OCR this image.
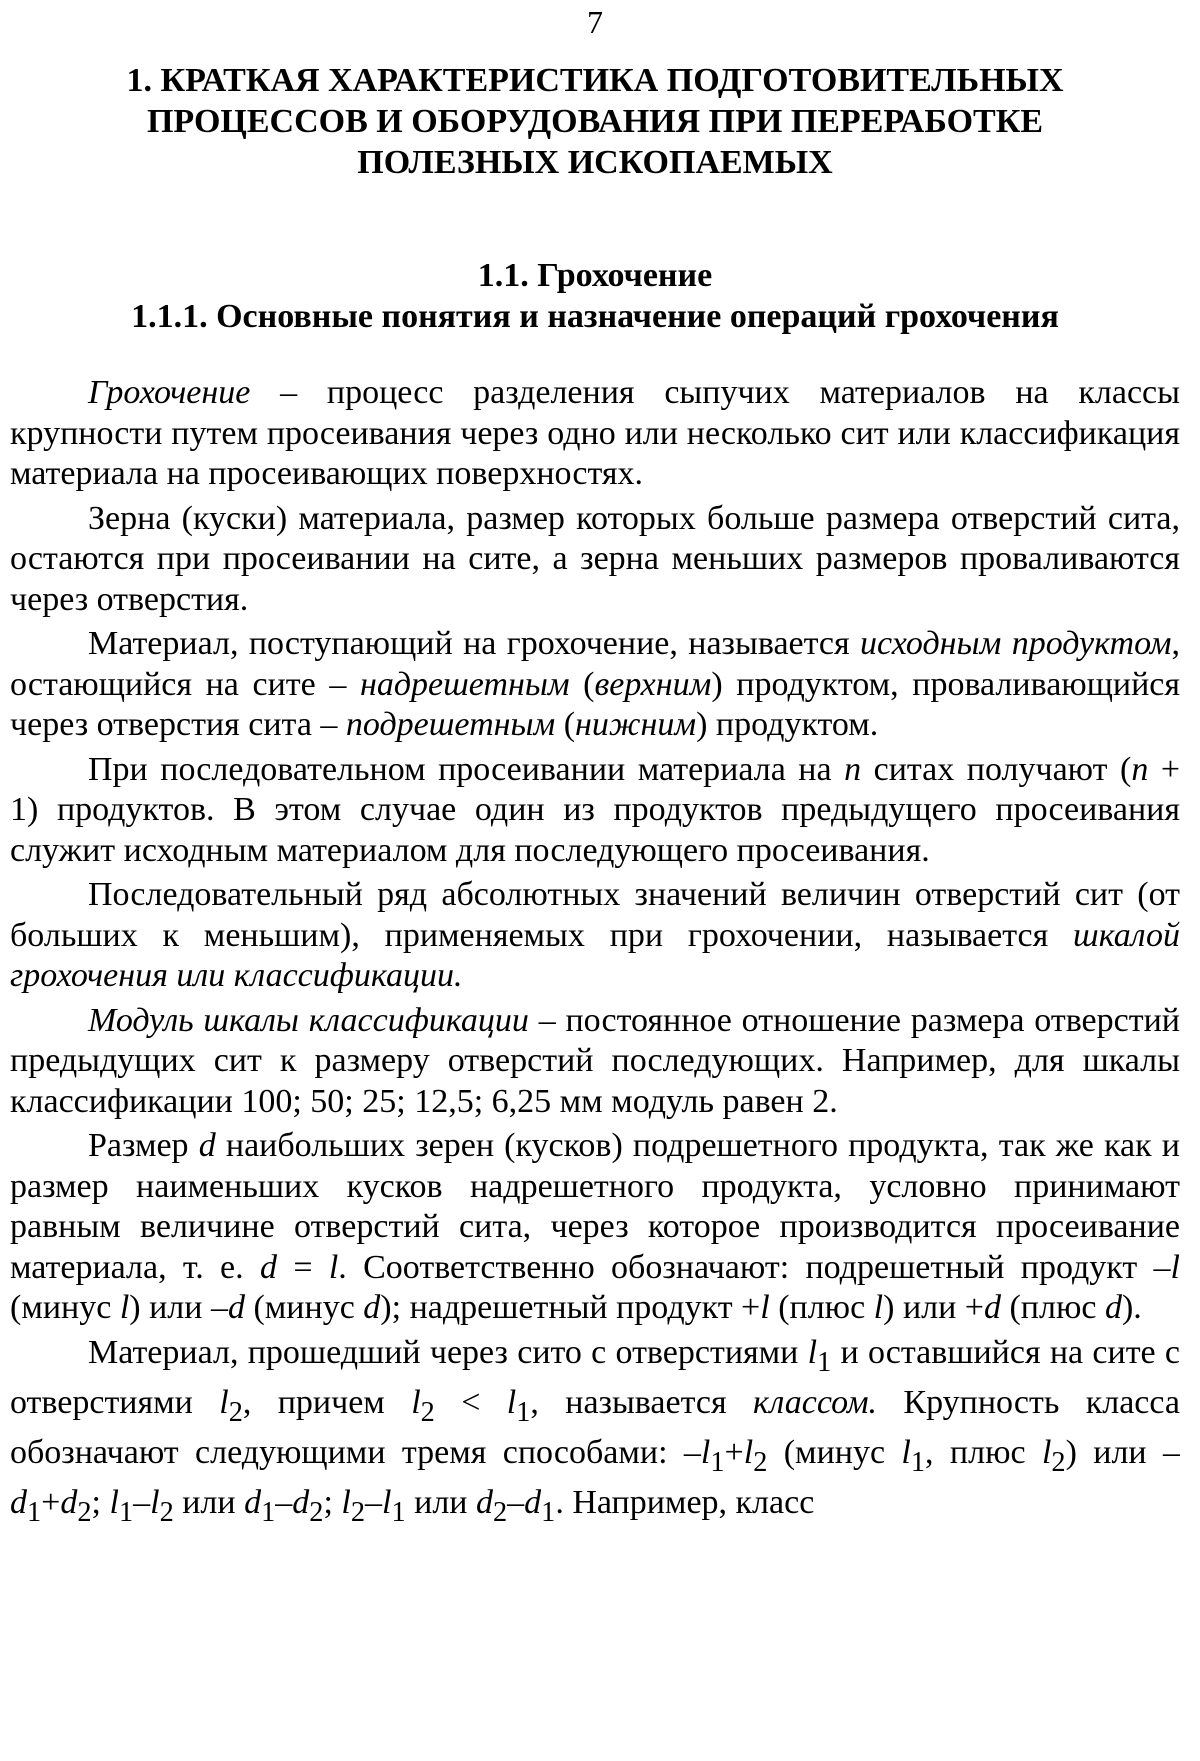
7
1. КРАТКАЯ ХАРАКТЕРИСТИКА ПОДГОТОВИТЕЛЬНЫХ
ПРОЦЕССОВ И ОБОРУДОВАНИЯ ПРИ ПЕРЕРАБОТКЕ
ПОЛЕЗНЫХ ИСКОПАЕМЫХ
1.1. Грохочение
1.1.1. Основные понятия и назначение операций грохочения

Грохочение – процесс разделения сыпучих материалов на классы крупности путем просеивания через одно или несколько сит или классификация материала на просеивающих поверхностях.

Зерна (куски) материала, размер которых больше размера отверстий сита, остаются при просеивании на сите, а зерна меньших размеров проваливаются через отверстия.

Материал, поступающий на грохочение, называется исходным продуктом, остающийся на сите – надрешетным (верхним) продуктом, проваливающийся через отверстия сита – подрешетным (нижним) продуктом.

При последовательном просеивании материала на n ситах получают (n + 1) продуктов. В этом случае один из продуктов предыдущего просеивания служит исходным материалом для последующего просеивания.

Последовательный ряд абсолютных значений величин отверстий сит (от больших к меньшим), применяемых при грохочении, называется шкалой грохочения или классификации.

Модуль шкалы классификации – постоянное отношение размера отверстий предыдущих сит к размеру отверстий последующих. Например, для шкалы классификации 100; 50; 25; 12,5; 6,25 мм модуль равен 2.

Размер d наибольших зерен (кусков) подрешетного продукта, так же как и размер наименьших кусков надрешетного продукта, условно принимают равным величине отверстий сита, через которое производится просеивание материала, т. е. d = l. Соответственно обозначают: подрешетный продукт –l (минус l) или –d (минус d); надрешетный продукт +l (плюс l) или +d (плюс d).

Материал, прошедший через сито с отверстиями $l_1$ и оставшийся на сите с отверстиями $l_2$, причем $l_2 < l_1$, называется классом. Крупность класса обозначают следующими тремя способами: $-l_1+l_2$ (минус $l_1$, плюс $l_2$) или $-d_1+d_2$; $l_1-l_2$ или $d_1-d_2$; $l_2-l_1$ или $d_2-d_1$. Например, класс
